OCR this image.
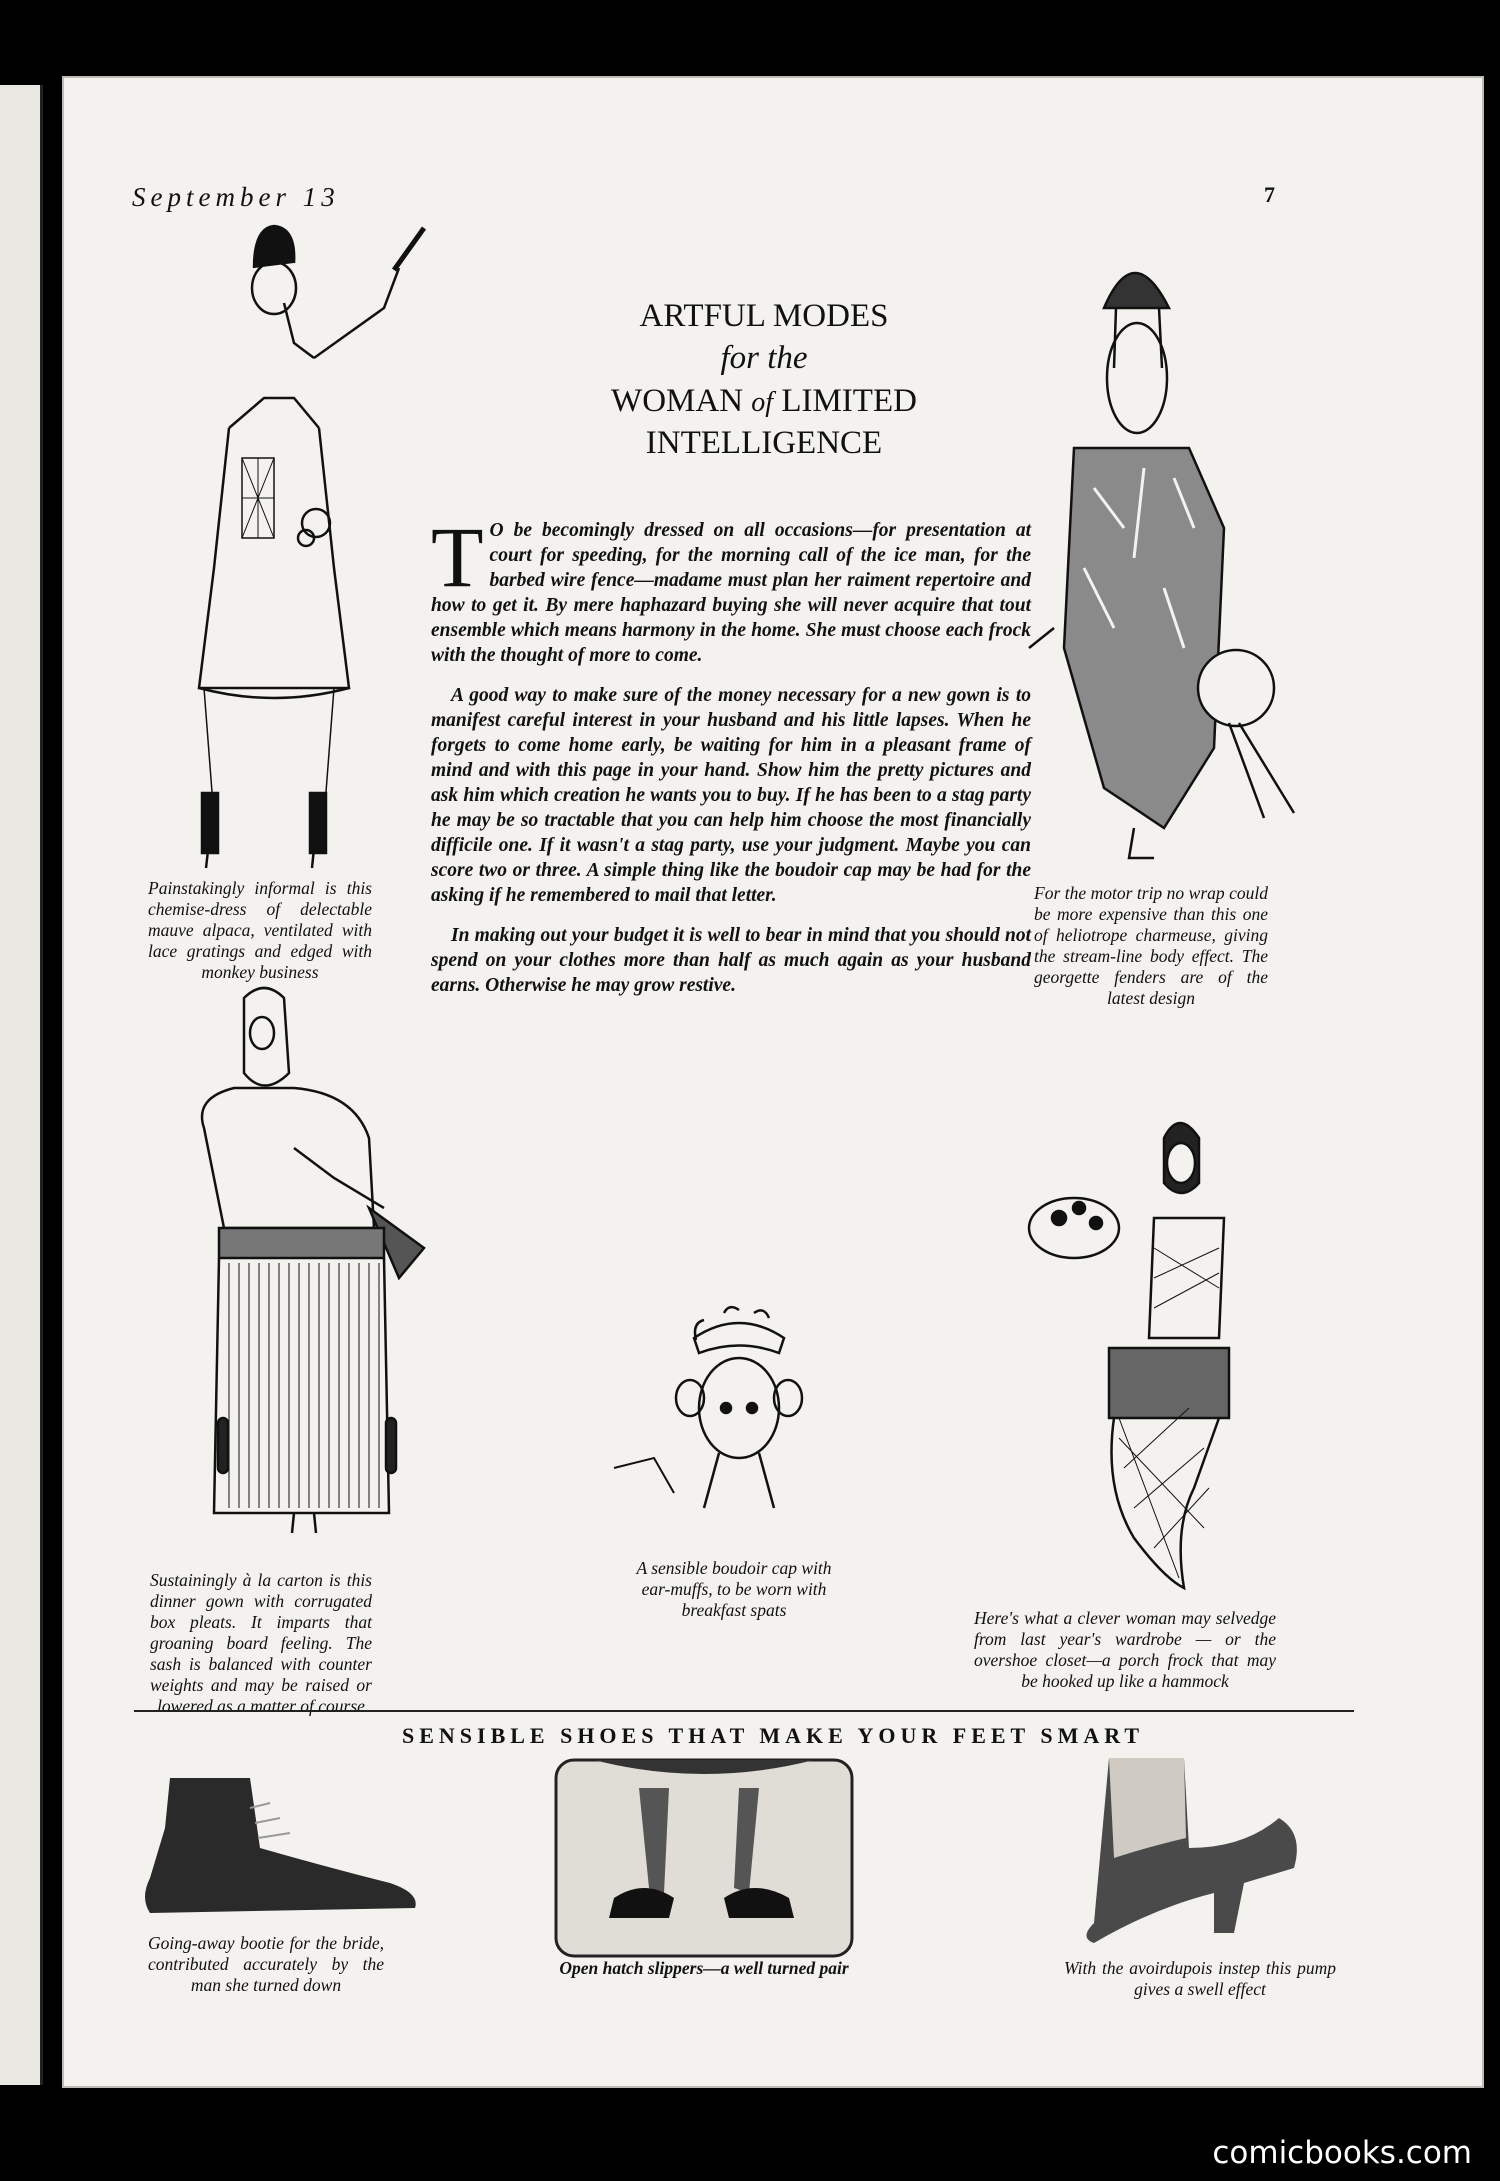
September 13	7
ARTFUL MODES
for the
WOMAN of LIMITED
INTELLIGENCE

T O be becomingly dressed on all occasions—for presentation at court for speeding, for the morning call of the ice man, for the barbed wire fence—madame must plan her raiment repertoire and how to get it. By mere haphazard buying she will never acquire that tout ensemble which means harmony in the home. She must choose each frock with the thought of more to come.

A good way to make sure of the money necessary for a new gown is to manifest careful interest in your husband and his little lapses. When he forgets to come home early, be waiting for him in a pleasant frame of mind and with this page in your hand. Show him the pretty pictures and ask him which creation he wants you to buy. If he has been to a stag party he may be so tractable that you can help him choose the most financially difficile one. If it wasn't a stag party, use your judgment. Maybe you can score two or three. A simple thing like the boudoir cap may be had for the asking if he remembered to mail that letter.

In making out your budget it is well to bear in mind that you should not spend on your clothes more than half as much again as your husband earns. Otherwise he may grow restive.

Painstakingly informal is this chemise-dress of delectable mauve alpaca, ventilated with lace gratings and edged with monkey business
For the motor trip no wrap could be more expensive than this one of heliotrope charmeuse, giving the stream-line body effect. The georgette fenders are of the latest design
Sustainingly à la carton is this dinner gown with corrugated box pleats. It imparts that groaning board feeling. The sash is balanced with counter weights and may be raised or lowered as a matter of course
A sensible boudoir cap with ear-muffs, to be worn with breakfast spats	Here's what a clever woman may selvedge from last year's wardrobe — or the overshoe closet—a porch frock that may be hooked up like a hammock
SENSIBLE SHOES THAT MAKE YOUR FEET SMART
Going-away bootie for the bride, contributed accurately by the man she turned down
Open hatch slippers—a well turned pair	With the avoirdupois instep this pump gives a swell effect
comicbooks.com
